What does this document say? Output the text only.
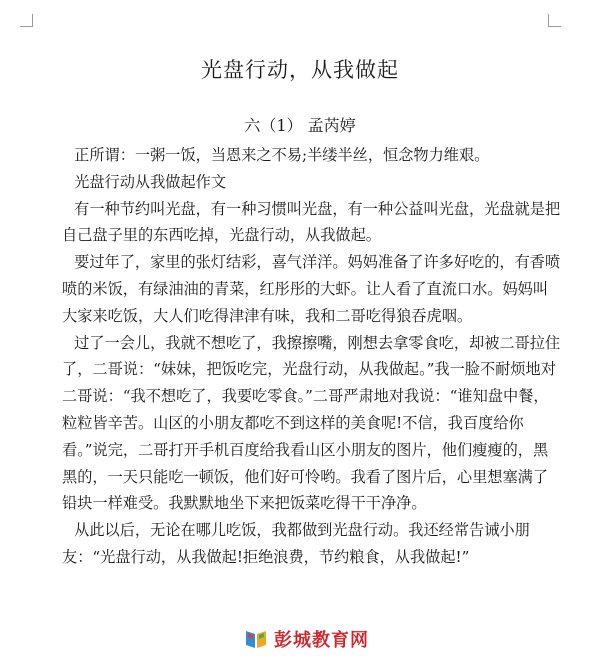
光盘行动，从我做起
六（1） 孟芮婷

正所谓：一粥一饭，当恩来之不易;半缕半丝，恒念物力维艰。

光盘行动从我做起作文

有一种节约叫光盘，有一种习惯叫光盘，有一种公益叫光盘，光盘就是把自己盘子里的东西吃掉，光盘行动，从我做起。

要过年了，家里的张灯结彩，喜气洋洋。妈妈准备了许多好吃的，有香喷喷的米饭，有绿油油的青菜，红彤彤的大虾。让人看了直流口水。妈妈叫大家来吃饭，大人们吃得津津有味，我和二哥吃得狼吞虎咽。

过了一会儿，我就不想吃了，我擦擦嘴，刚想去拿零食吃，却被二哥拉住了，二哥说：“妹妹，把饭吃完，光盘行动，从我做起。”我一脸不耐烦地对二哥说：“我不想吃了，我要吃零食。”二哥严肃地对我说：“谁知盘中餐，粒粒皆辛苦。山区的小朋友都吃不到这样的美食呢!不信，我百度给你看。”说完，二哥打开手机百度给我看山区小朋友的图片，他们瘦瘦的，黑黑的，一天只能吃一顿饭，他们好可怜哟。我看了图片后，心里想塞满了铅块一样难受。我默默地坐下来把饭菜吃得干干净净。

从此以后，无论在哪儿吃饭，我都做到光盘行动。我还经常告诫小朋友：“光盘行动，从我做起!拒绝浪费，节约粮食，从我做起!”

彭城教育网
